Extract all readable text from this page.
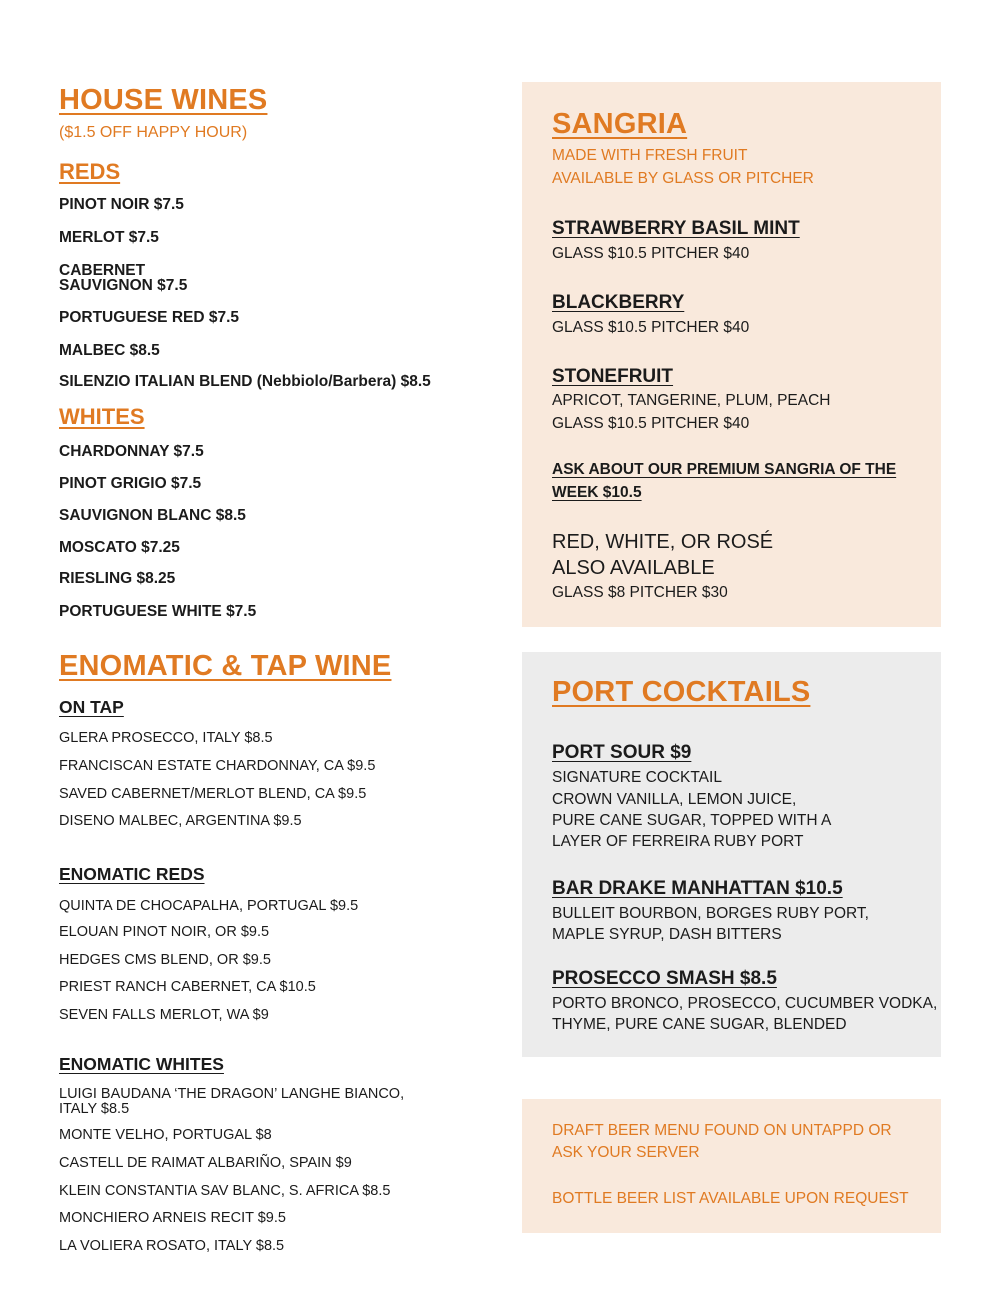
HOUSE WINES
($1.5 OFF HAPPY HOUR)
REDS
PINOT NOIR $7.5
MERLOT $7.5
CABERNET
SAUVIGNON $7.5
PORTUGUESE RED $7.5
MALBEC $8.5
SILENZIO ITALIAN BLEND (Nebbiolo/Barbera) $8.5
WHITES
CHARDONNAY $7.5
PINOT GRIGIO $7.5
SAUVIGNON BLANC $8.5
MOSCATO $7.25
RIESLING $8.25
PORTUGUESE WHITE $7.5
ENOMATIC & TAP WINE
ON TAP
GLERA PROSECCO, ITALY $8.5
FRANCISCAN ESTATE CHARDONNAY, CA $9.5
SAVED CABERNET/MERLOT BLEND, CA $9.5
DISENO MALBEC, ARGENTINA $9.5
ENOMATIC REDS
QUINTA DE CHOCAPALHA, PORTUGAL $9.5
ELOUAN PINOT NOIR, OR $9.5
HEDGES CMS BLEND, OR $9.5
PRIEST RANCH CABERNET, CA $10.5
SEVEN FALLS MERLOT, WA $9
ENOMATIC WHITES
LUIGI BAUDANA ‘THE DRAGON’ LANGHE BIANCO,
ITALY $8.5
MONTE VELHO, PORTUGAL $8
CASTELL DE RAIMAT ALBARIÑO, SPAIN $9
KLEIN CONSTANTIA SAV BLANC, S. AFRICA $8.5
MONCHIERO ARNEIS RECIT $9.5
LA VOLIERA ROSATO, ITALY $8.5
SANGRIA
MADE WITH FRESH FRUIT
AVAILABLE BY GLASS OR PITCHER
STRAWBERRY BASIL MINT
GLASS $10.5 PITCHER $40
BLACKBERRY
GLASS $10.5 PITCHER $40
STONEFRUIT
APRICOT, TANGERINE, PLUM, PEACH
GLASS $10.5 PITCHER $40
ASK ABOUT OUR PREMIUM SANGRIA OF THE
WEEK $10.5
RED, WHITE, OR ROSÉ
ALSO AVAILABLE
GLASS $8 PITCHER $30
PORT COCKTAILS
PORT SOUR $9
SIGNATURE COCKTAIL
CROWN VANILLA, LEMON JUICE,
PURE CANE SUGAR, TOPPED WITH A
LAYER OF FERREIRA RUBY PORT
BAR DRAKE MANHATTAN $10.5
BULLEIT BOURBON, BORGES RUBY PORT,
MAPLE SYRUP, DASH BITTERS
PROSECCO SMASH $8.5
PORTO BRONCO, PROSECCO, CUCUMBER VODKA,
THYME, PURE CANE SUGAR, BLENDED
DRAFT BEER MENU FOUND ON UNTAPPD OR
ASK YOUR SERVER
BOTTLE BEER LIST AVAILABLE UPON REQUEST
